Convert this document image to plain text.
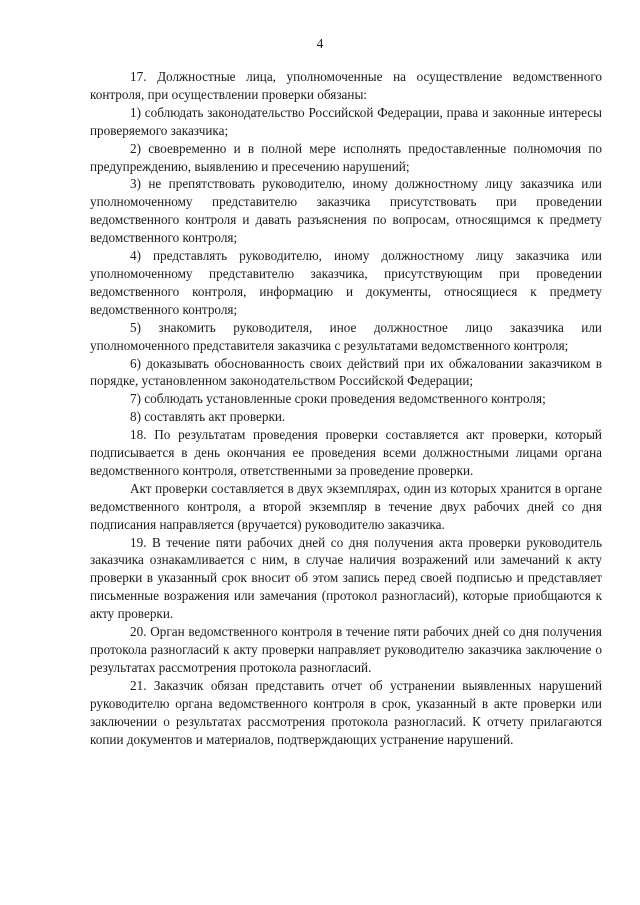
4

17. Должностные лица, уполномоченные на осуществление ведомственного контроля, при осуществлении проверки обязаны:

1) соблюдать законодательство Российской Федерации, права и законные интересы проверяемого заказчика;

2) своевременно и в полной мере исполнять предоставленные полномочия по предупреждению, выявлению и пресечению нарушений;

3) не препятствовать руководителю, иному должностному лицу заказчика или уполномоченному представителю заказчика присутствовать при проведении ведомственного контроля и давать разъяснения по вопросам, относящимся к предмету ведомственного контроля;

4) представлять руководителю, иному должностному лицу заказчика или уполномоченному представителю заказчика, присутствующим при проведении ведомственного контроля, информацию и документы, относящиеся к предмету ведомственного контроля;

5) знакомить руководителя, иное должностное лицо заказчика или уполномоченного представителя заказчика с результатами ведомственного контроля;

6) доказывать обоснованность своих действий при их обжаловании заказчиком в порядке, установленном законодательством Российской Федерации;

7) соблюдать установленные сроки проведения ведомственного контроля;

8) составлять акт проверки.

18. По результатам проведения проверки составляется акт проверки, который подписывается в день окончания ее проведения всеми должностными лицами органа ведомственного контроля, ответственными за проведение проверки.

Акт проверки составляется в двух экземплярах, один из которых хранится в органе ведомственного контроля, а второй экземпляр в течение двух рабочих дней со дня подписания направляется (вручается) руководителю заказчика.

19. В течение пяти рабочих дней со дня получения акта проверки руководитель заказчика ознакамливается с ним, в случае наличия возражений или замечаний к акту проверки в указанный срок вносит об этом запись перед своей подписью и представляет письменные возражения или замечания (протокол разногласий), которые приобщаются к акту проверки.

20. Орган ведомственного контроля в течение пяти рабочих дней со дня получения протокола разногласий к акту проверки направляет руководителю заказчика заключение о результатах рассмотрения протокола разногласий.

21. Заказчик обязан представить отчет об устранении выявленных нарушений руководителю органа ведомственного контроля в срок, указанный в акте проверки или заключении о результатах рассмотрения протокола разногласий. К отчету прилагаются копии документов и материалов, подтверждающих устранение нарушений.
